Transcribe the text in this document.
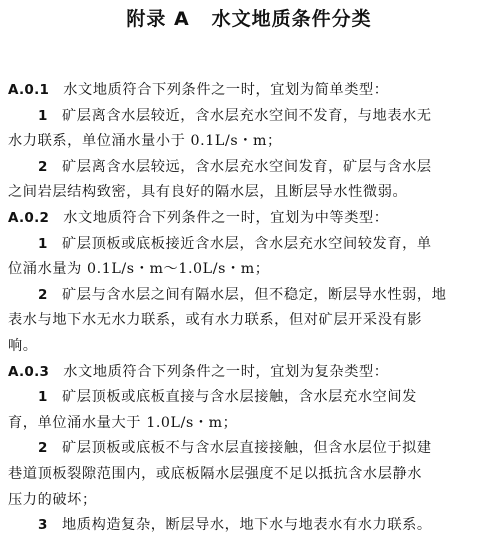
附录 A 水文地质条件分类
A.0.1 水文地质符合下列条件之一时，宜划为简单类型：
1 矿层离含水层较近，含水层充水空间不发育，与地表水无
水力联系，单位涌水量小于 0.1L/s・m；
2 矿层离含水层较远，含水层充水空间发育，矿层与含水层
之间岩层结构致密，具有良好的隔水层，且断层导水性微弱。
A.0.2 水文地质符合下列条件之一时，宜划为中等类型：
1 矿层顶板或底板接近含水层，含水层充水空间较发育，单
位涌水量为 0.1L/s・m～1.0L/s・m；
2 矿层与含水层之间有隔水层，但不稳定，断层导水性弱，地
表水与地下水无水力联系，或有水力联系，但对矿层开采没有影
响。
A.0.3 水文地质符合下列条件之一时，宜划为复杂类型：
1 矿层顶板或底板直接与含水层接触，含水层充水空间发
育，单位涌水量大于 1.0L/s・m；
2 矿层顶板或底板不与含水层直接接触，但含水层位于拟建
巷道顶板裂隙范围内，或底板隔水层强度不足以抵抗含水层静水
压力的破坏；
3 地质构造复杂，断层导水，地下水与地表水有水力联系。
